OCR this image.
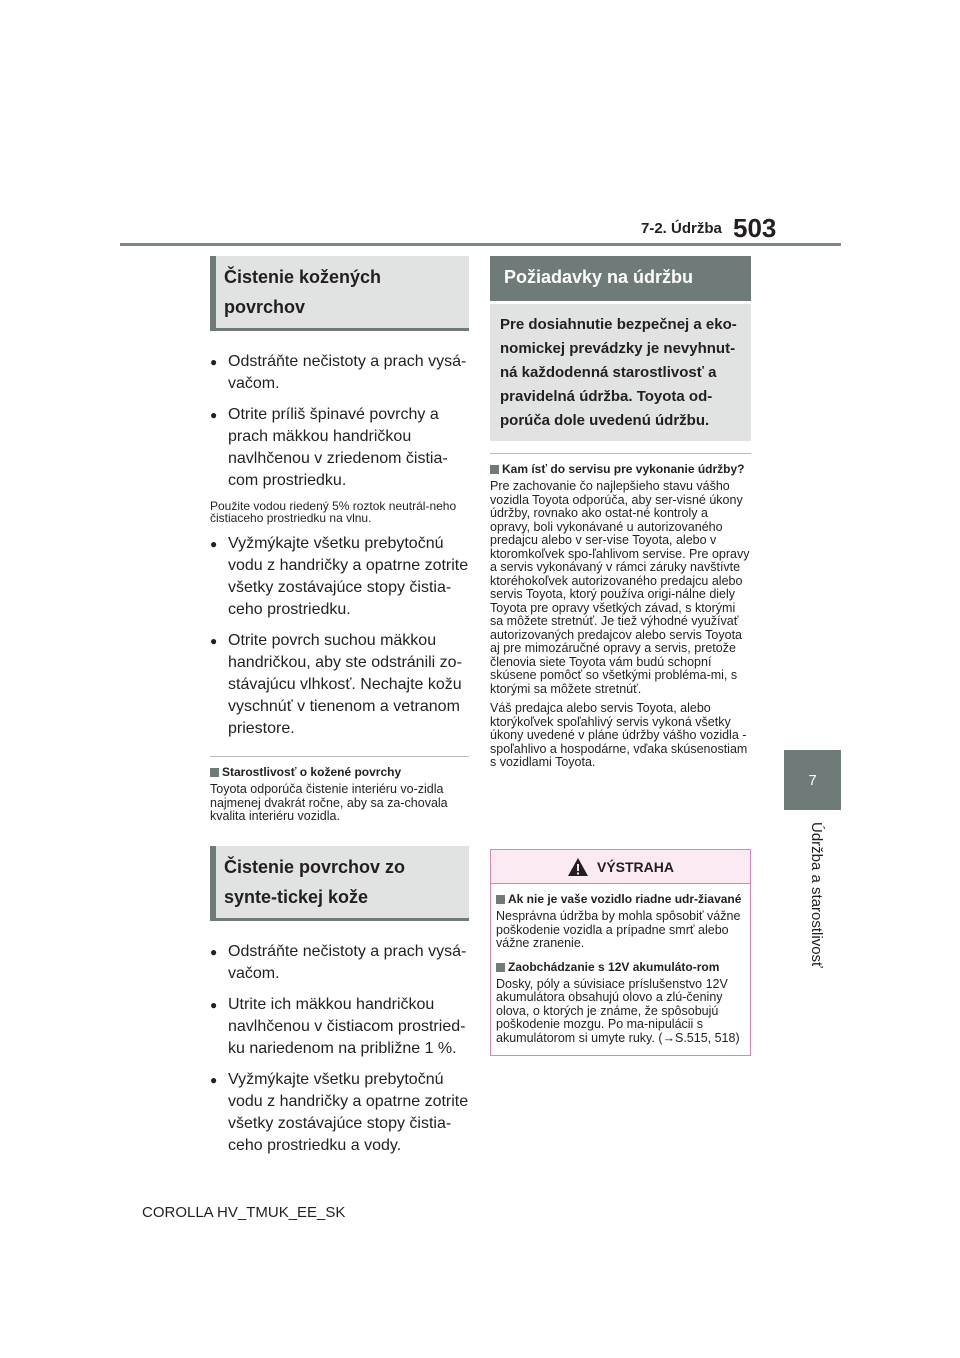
7-2. Údržba 503
7
Údržba a starostlivosť
Čistenie kožených povrchov
● Odstráňte nečistoty a prach vysá-vačom.
● Otrite príliš špinavé povrchy a prach mäkkou handričkou navlhčenou v zriedenom čistia-com prostriedku.
Použite vodou riedený 5% roztok neutrál-neho čistiaceho prostriedku na vlnu.
● Vyžmýkajte všetku prebytočnú vodu z handričky a opatrne zotrite všetky zostávajúce stopy čistia-ceho prostriedku.
● Otrite povrch suchou mäkkou handričkou, aby ste odstránili zo-stávajúcu vlhkosť. Nechajte kožu vyschnúť v tienenom a vetranom priestore.
Starostlivosť o kožené povrchy
Toyota odporúča čistenie interiéru vo-zidla najmenej dvakrát ročne, aby sa za-chovala kvalita interiéru vozidla.
Čistenie povrchov zo synte-tickej kože
● Odstráňte nečistoty a prach vysá-vačom.
● Utrite ich mäkkou handričkou navlhčenou v čistiacom prostried-ku nariedenom na približne 1 %.
● Vyžmýkajte všetku prebytočnú vodu z handričky a opatrne zotrite všetky zostávajúce stopy čistia-ceho prostriedku a vody.
Požiadavky na údržbu
Pre dosiahnutie bezpečnej a eko-nomickej prevádzky je nevyhnut-ná každodenná starostlivosť a pravidelná údržba. Toyota od-porúča dole uvedenú údržbu.
Kam ísť do servisu pre vykonanie údržby?
Pre zachovanie čo najlepšieho stavu vášho vozidla Toyota odporúča, aby ser-visné úkony údržby, rovnako ako ostat-né kontroly a opravy, boli vykonávané u autorizovaného predajcu alebo v ser-vise Toyota, alebo v ktoromkoľvek spo-ľahlivom servise. Pre opravy a servis vykonávaný v rámci záruky navštívte ktoréhokoľvek autorizovaného predajcu alebo servis Toyota, ktorý používa origi-nálne diely Toyota pre opravy všetkých závad, s ktorými sa môžete stretnúť. Je tiež výhodné využívať autorizovaných predajcov alebo servis Toyota aj pre mimozáručné opravy a servis, pretože členovia siete Toyota vám budú schopní skúsene pomôcť so všetkými probléma-mi, s ktorými sa môžete stretnúť.
Váš predajca alebo servis Toyota, alebo ktorýkoľvek spoľahlivý servis vykoná všetky úkony uvedené v pláne údržby vášho vozidla - spoľahlivo a hospodárne, vďaka skúsenostiam s vozidlami Toyota.
VÝSTRAHA
Ak nie je vaše vozidlo riadne udr-žiavané
Nesprávna údržba by mohla spôsobiť vážne poškodenie vozidla a prípadne smrť alebo vážne zranenie.
Zaobchádzanie s 12V akumuláto-rom
Dosky, póly a súvisiace príslušenstvo 12V akumulátora obsahujú olovo a zlú-čeniny olova, o ktorých je známe, že spôsobujú poškodenie mozgu. Po ma-nipulácii s akumulátorom si umyte ruky. (→S.515, 518)
COROLLA HV_TMUK_EE_SK
